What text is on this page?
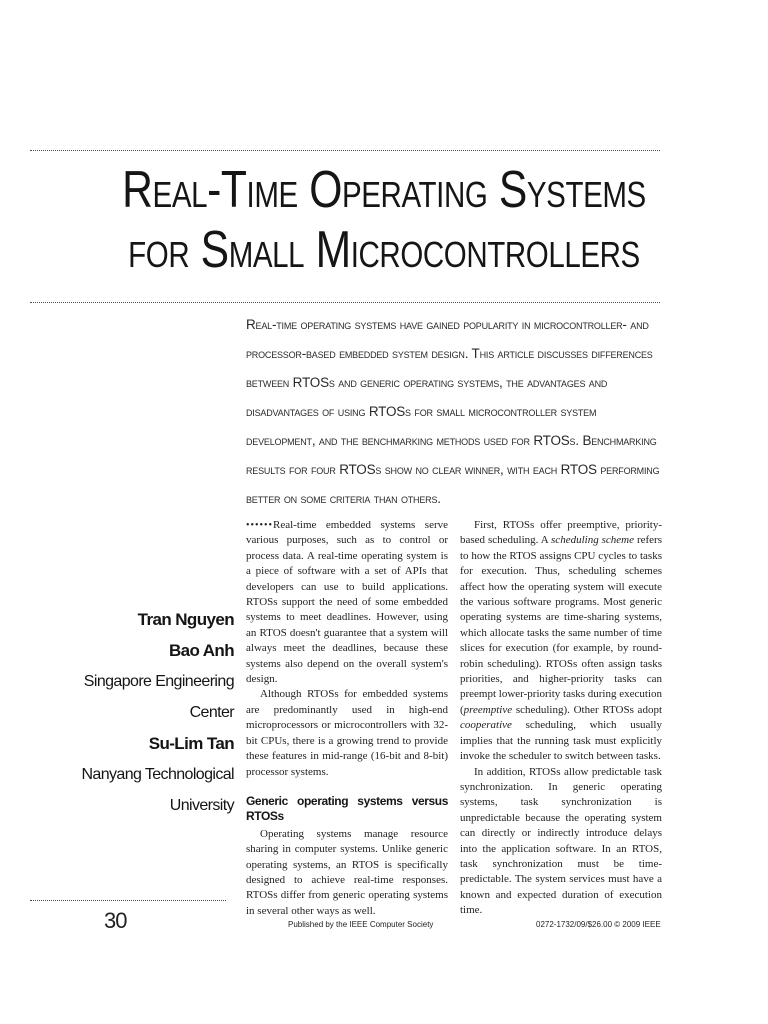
Real-Time Operating Systems
for Small Microcontrollers
Real-time operating systems have gained popularity in microcontroller- and processor-based embedded system design. This article discusses differences between RTOSs and generic operating systems, the advantages and disadvantages of using RTOSs for small microcontroller system development, and the benchmarking methods used for RTOSs. Benchmarking results for four RTOSs show no clear winner, with each RTOS performing better on some criteria than others.
Tran Nguyen
Bao Anh
Singapore Engineering
Center
Su-Lim Tan
Nanyang Technological
University

••••••Real-time embedded systems serve various purposes, such as to control or process data. A real-time operating system is a piece of software with a set of APIs that developers can use to build applications. RTOSs support the need of some embedded systems to meet deadlines. However, using an RTOS doesn't guarantee that a system will always meet the deadlines, because these systems also depend on the overall system's design.

Although RTOSs for embedded systems are predominantly used in high-end microprocessors or microcontrollers with 32-bit CPUs, there is a growing trend to provide these features in mid-range (16-bit and 8-bit) processor systems.

Generic operating systems versus RTOSs

Operating systems manage resource sharing in computer systems. Unlike generic operating systems, an RTOS is specifically designed to achieve real-time responses. RTOSs differ from generic operating systems in several other ways as well.

First, RTOSs offer preemptive, priority-based scheduling. A scheduling scheme refers to how the RTOS assigns CPU cycles to tasks for execution. Thus, scheduling schemes affect how the operating system will execute the various software programs. Most generic operating systems are time-sharing systems, which allocate tasks the same number of time slices for execution (for example, by round-robin scheduling). RTOSs often assign tasks priorities, and higher-priority tasks can preempt lower-priority tasks during execution (preemptive scheduling). Other RTOSs adopt cooperative scheduling, which usually implies that the running task must explicitly invoke the scheduler to switch between tasks.

In addition, RTOSs allow predictable task synchronization. In generic operating systems, task synchronization is unpredictable because the operating system can directly or indirectly introduce delays into the application software. In an RTOS, task synchronization must be time-predictable. The system services must have a known and expected duration of execution time.

30	Published by the IEEE Computer Society	0272-1732/09/$26.00 © 2009 IEEE
